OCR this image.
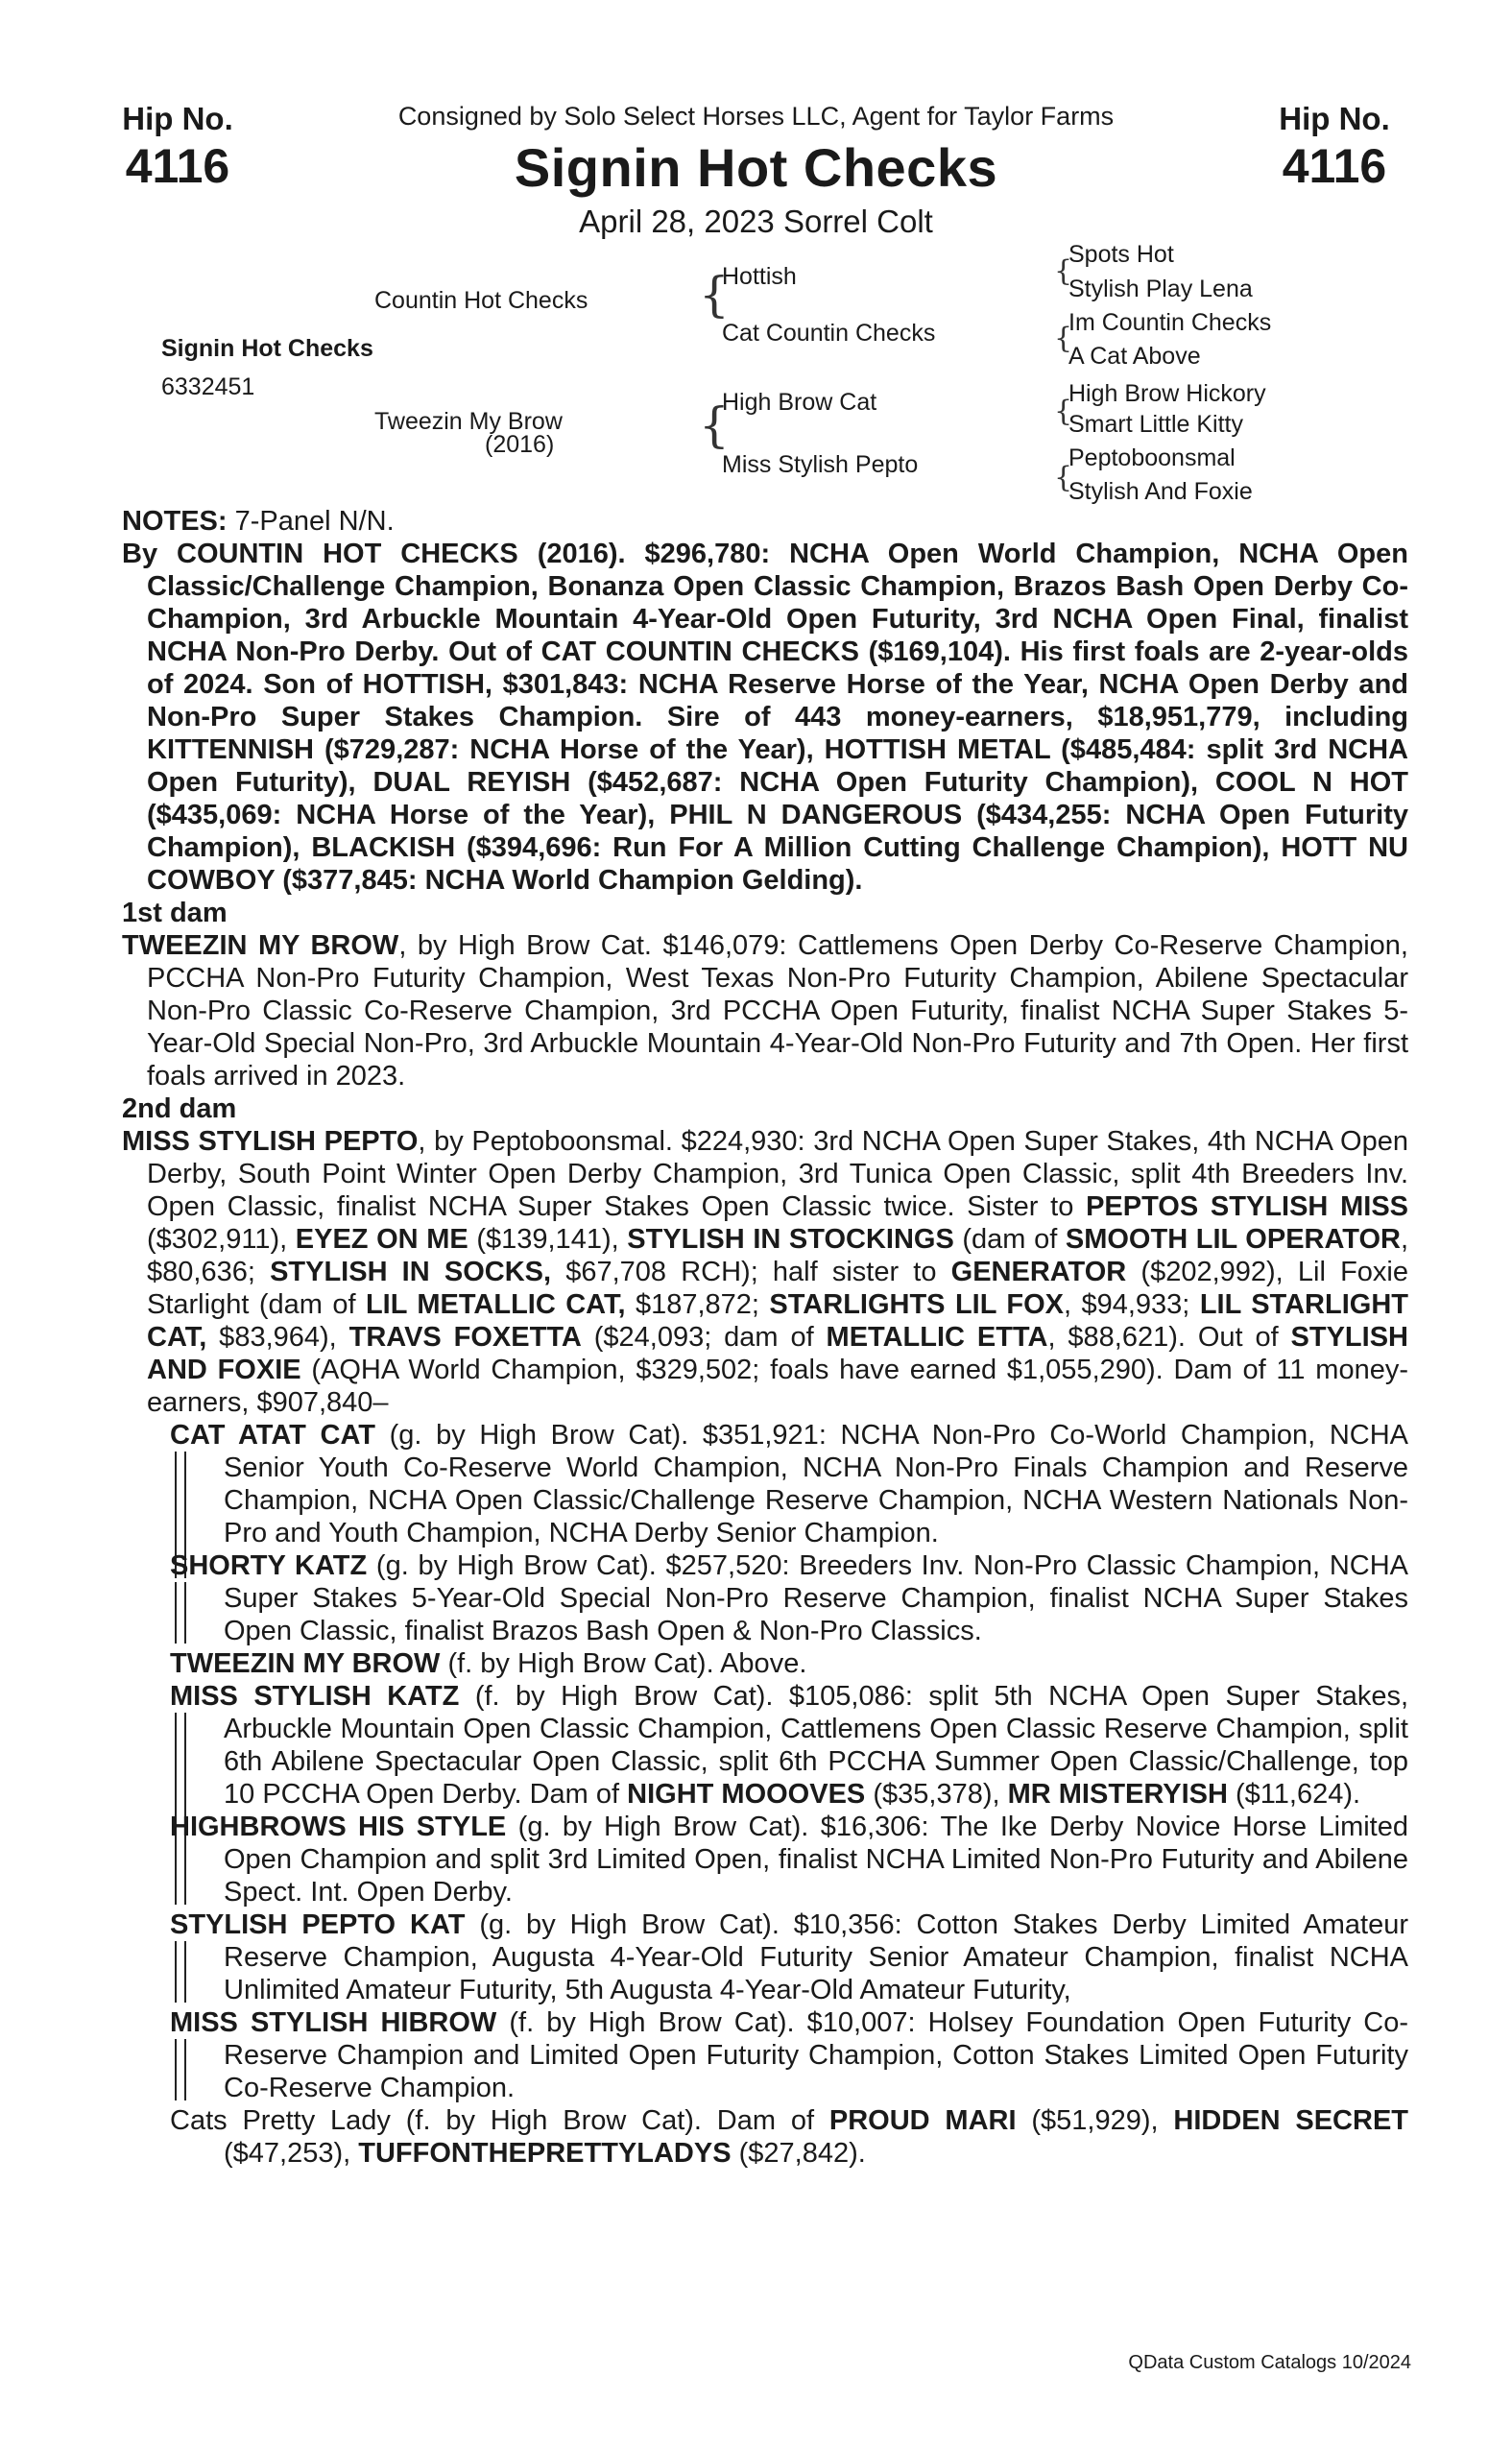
Hip No.
4116
Hip No.
4116
Consigned by Solo Select Horses LLC, Agent for Taylor Farms
Signin Hot Checks
April 28, 2023 Sorrel Colt
Countin Hot Checks
Signin Hot Checks
6332451
Tweezin My Brow
(2016)
{
Hottish
Cat Countin Checks
{
High Brow Cat
Miss Stylish Pepto
{
Spots Hot
Stylish Play Lena
{
Im Countin Checks
A Cat Above
{
High Brow Hickory
Smart Little Kitty
{
Peptoboonsmal
Stylish And Foxie

NOTES: 7-Panel N/N.

By COUNTIN HOT CHECKS (2016). $296,780: NCHA Open World Champion, NCHA Open Classic/Challenge Champion, Bonanza Open Classic Champion, Brazos Bash Open Derby Co-Champion, 3rd Arbuckle Mountain 4-Year-Old Open Futurity, 3rd NCHA Open Final, finalist NCHA Non-Pro Derby. Out of CAT COUNTIN CHECKS ($169,104). His first foals are 2-year-olds of 2024. Son of HOTTISH, $301,843: NCHA Reserve Horse of the Year, NCHA Open Derby and Non-Pro Super Stakes Champion. Sire of 443 money-earners, $18,951,779, including KITTENNISH ($729,287: NCHA Horse of the Year), HOTTISH METAL ($485,484: split 3rd NCHA Open Futurity), DUAL REYISH ($452,687: NCHA Open Futurity Champion), COOL N HOT ($435,069: NCHA Horse of the Year), PHIL N DANGEROUS ($434,255: NCHA Open Futurity Champion), BLACKISH ($394,696: Run For A Million Cutting Challenge Champion), HOTT NU COWBOY ($377,845: NCHA World Champion Gelding).

1st dam

TWEEZIN MY BROW, by High Brow Cat. $146,079: Cattlemens Open Derby Co-Reserve Champion, PCCHA Non-Pro Futurity Champion, West Texas Non-Pro Futurity Champion, Abilene Spectacular Non-Pro Classic Co-Reserve Champion, 3rd PCCHA Open Futurity, finalist NCHA Super Stakes 5-Year-Old Special Non-Pro, 3rd Arbuckle Mountain 4-Year-Old Non-Pro Futurity and 7th Open. Her first foals arrived in 2023.

2nd dam

MISS STYLISH PEPTO, by Peptoboonsmal. $224,930: 3rd NCHA Open Super Stakes, 4th NCHA Open Derby, South Point Winter Open Derby Champion, 3rd Tunica Open Classic, split 4th Breeders Inv. Open Classic, finalist NCHA Super Stakes Open Classic twice. Sister to PEPTOS STYLISH MISS ($302,911), EYEZ ON ME ($139,141), STYLISH IN STOCKINGS (dam of SMOOTH LIL OPERATOR, $80,636; STYLISH IN SOCKS, $67,708 RCH); half sister to GENERATOR ($202,992), Lil Foxie Starlight (dam of LIL METALLIC CAT, $187,872; STARLIGHTS LIL FOX, $94,933; LIL STARLIGHT CAT, $83,964), TRAVS FOXETTA ($24,093; dam of METALLIC ETTA, $88,621). Out of STYLISH AND FOXIE (AQHA World Champion, $329,502; foals have earned $1,055,290). Dam of 11 money-earners, $907,840–

CAT ATAT CAT (g. by High Brow Cat). $351,921: NCHA Non-Pro Co-World Champion, NCHA Senior Youth Co-Reserve World Champion, NCHA Non-Pro Finals Champion and Reserve Champion, NCHA Open Classic/Challenge Reserve Champion, NCHA Western Nationals Non-Pro and Youth Champion, NCHA Derby Senior Champion.

SHORTY KATZ (g. by High Brow Cat). $257,520: Breeders Inv. Non-Pro Classic Champion, NCHA Super Stakes 5-Year-Old Special Non-Pro Reserve Champion, finalist NCHA Super Stakes Open Classic, finalist Brazos Bash Open & Non-Pro Classics.

TWEEZIN MY BROW (f. by High Brow Cat). Above.

MISS STYLISH KATZ (f. by High Brow Cat). $105,086: split 5th NCHA Open Super Stakes, Arbuckle Mountain Open Classic Champion, Cattlemens Open Classic Reserve Champion, split 6th Abilene Spectacular Open Classic, split 6th PCCHA Summer Open Classic/Challenge, top 10 PCCHA Open Derby. Dam of NIGHT MOOOVES ($35,378), MR MISTERYISH ($11,624).

HIGHBROWS HIS STYLE (g. by High Brow Cat). $16,306: The Ike Derby Novice Horse Limited Open Champion and split 3rd Limited Open, finalist NCHA Limited Non-Pro Futurity and Abilene Spect. Int. Open Derby.

STYLISH PEPTO KAT (g. by High Brow Cat). $10,356: Cotton Stakes Derby Limited Amateur Reserve Champion, Augusta 4-Year-Old Futurity Senior Amateur Champion, finalist NCHA Unlimited Amateur Futurity, 5th Augusta 4-Year-Old Amateur Futurity,

MISS STYLISH HIBROW (f. by High Brow Cat). $10,007: Holsey Foundation Open Futurity Co-Reserve Champion and Limited Open Futurity Champion, Cotton Stakes Limited Open Futurity Co-Reserve Champion.

Cats Pretty Lady (f. by High Brow Cat). Dam of PROUD MARI ($51,929), HIDDEN SECRET ($47,253), TUFFONTHEPRETTYLADYS ($27,842).

QData Custom Catalogs 10/2024
